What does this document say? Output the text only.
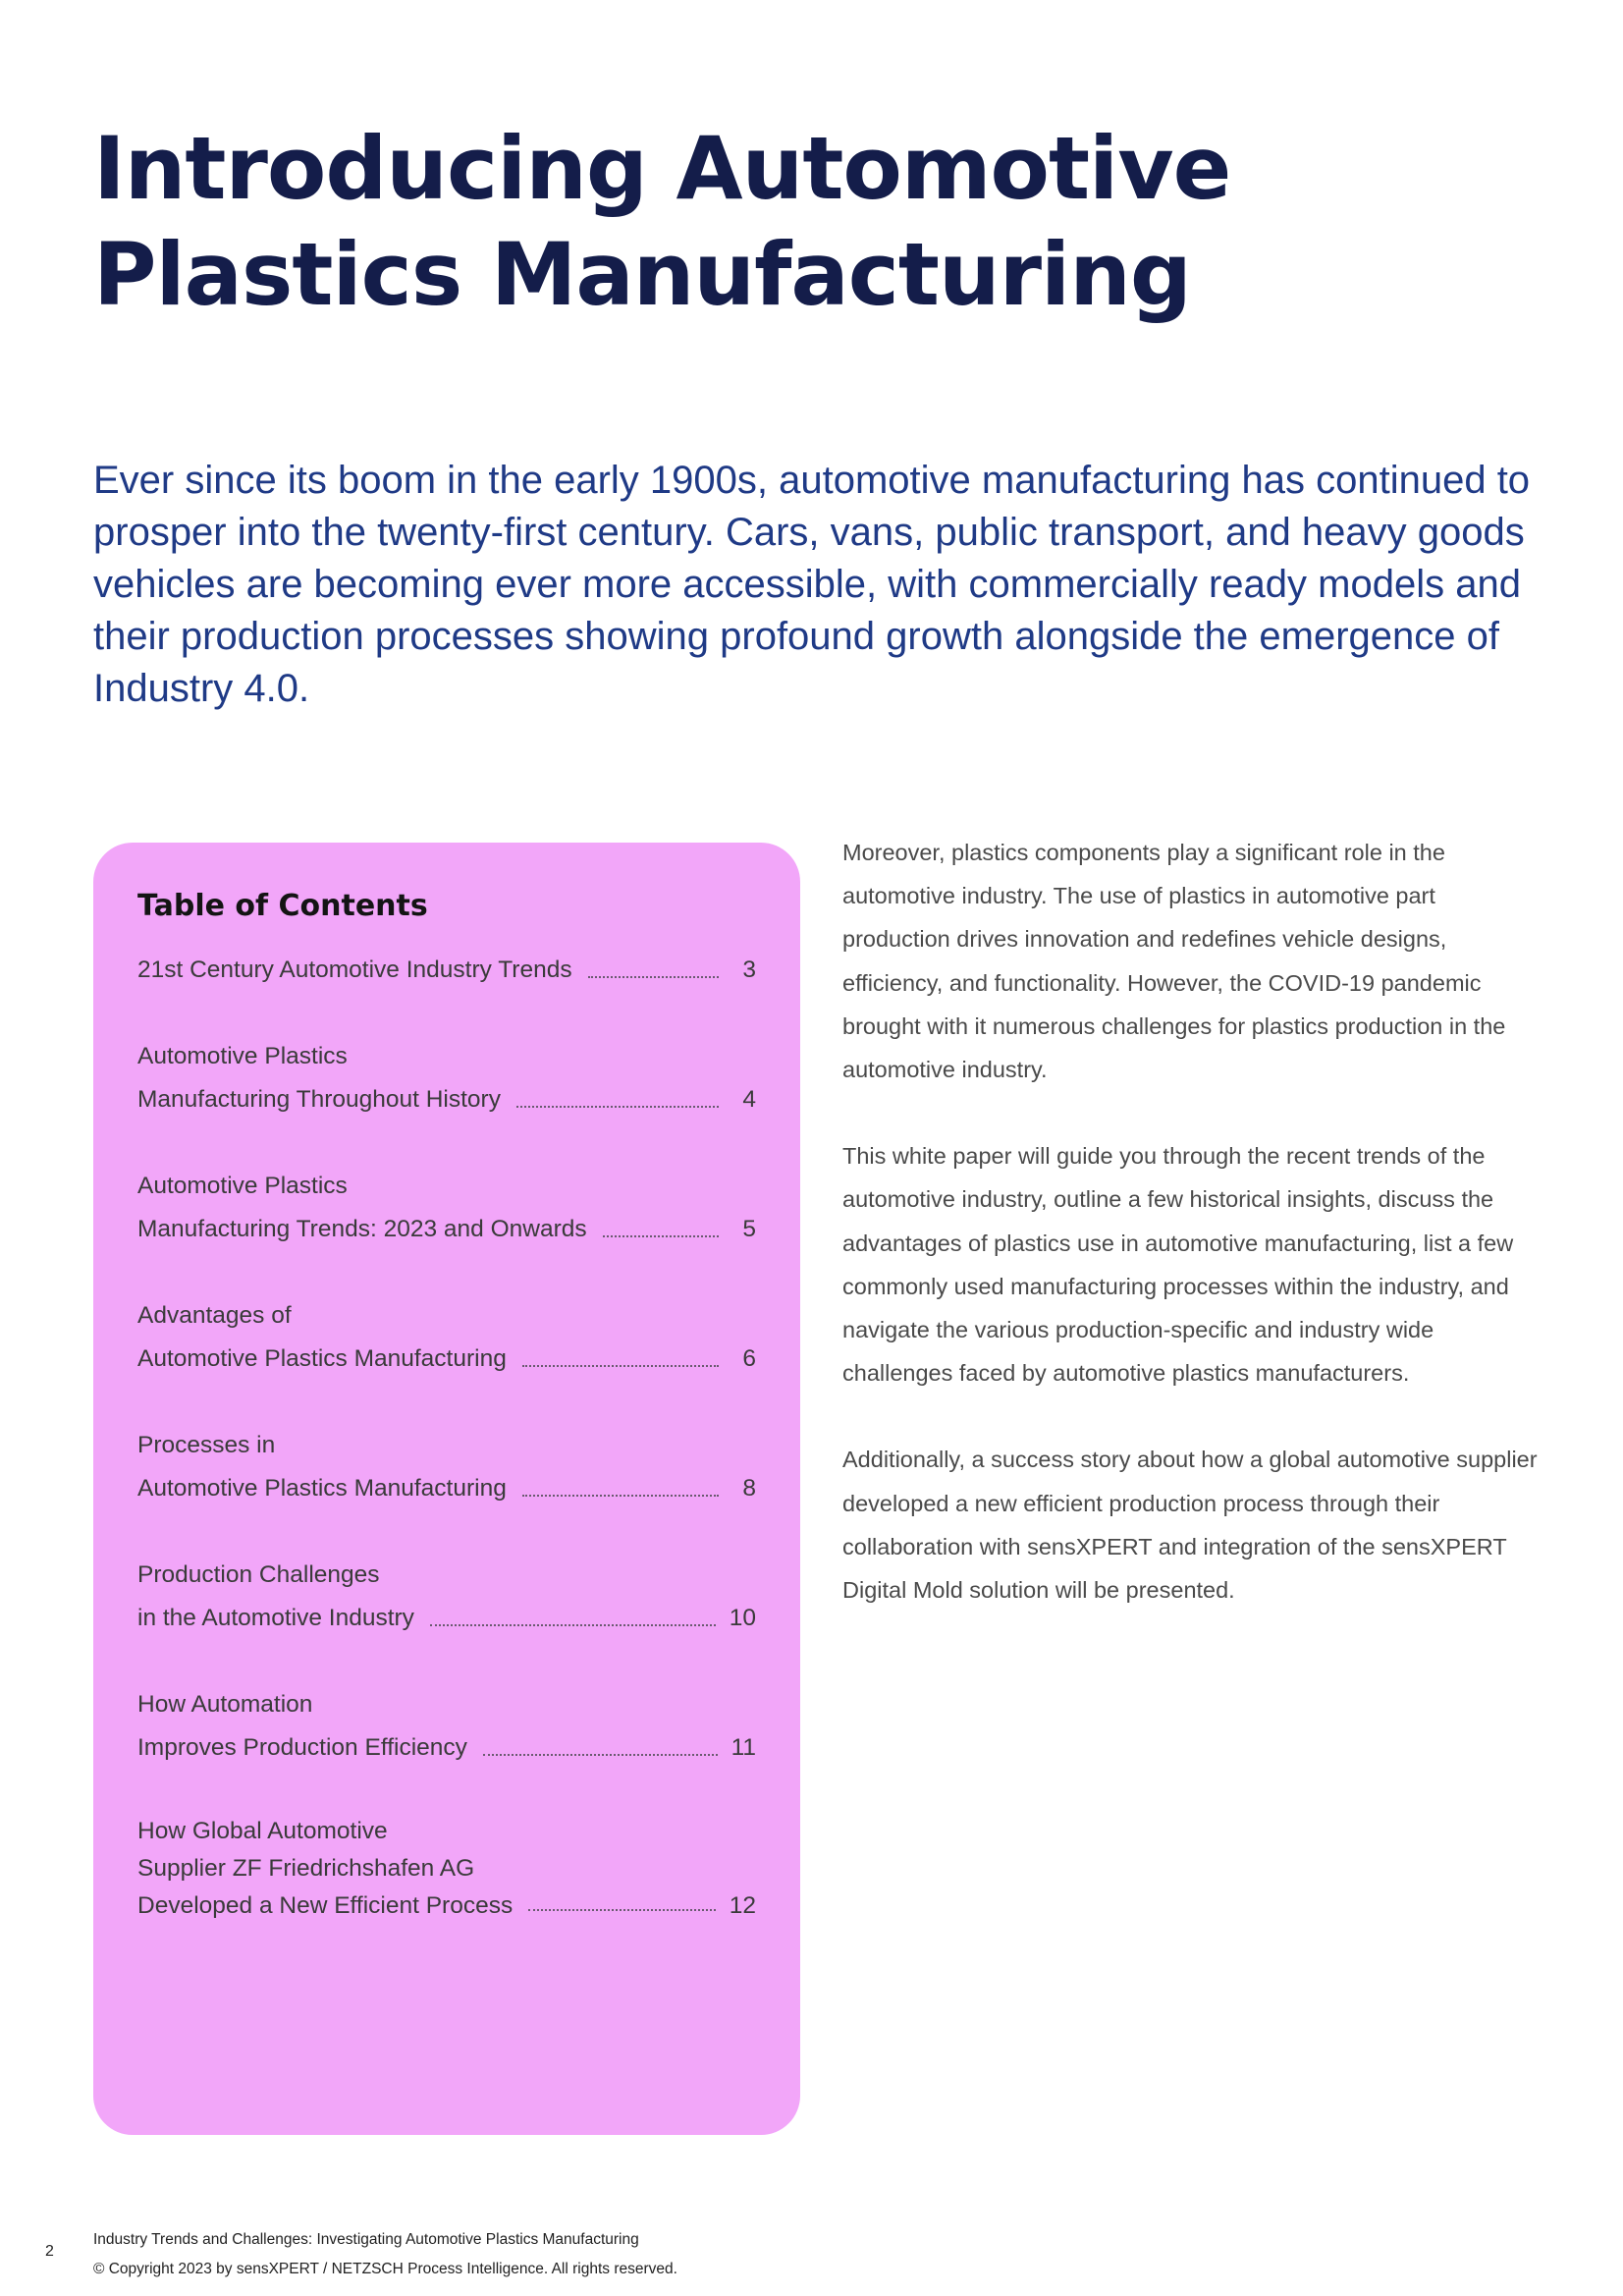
Introducing Automotive Plastics Manufacturing

Ever since its boom in the early 1900s, automotive manufacturing has continued to prosper into the twenty-first century. Cars, vans, public transport, and heavy goods vehicles are becoming ever more accessible, with commercially ready models and their production processes showing profound growth alongside the emergence of Industry 4.0.

Table of Contents
21st Century Automotive Industry Trends	3
Automotive Plastics
Manufacturing Throughout History	4
Automotive Plastics
Manufacturing Trends: 2023 and Onwards	5
Advantages of
Automotive Plastics Manufacturing	6
Processes in
Automotive Plastics Manufacturing	8
Production Challenges
in the Automotive Industry	10
How Automation
Improves Production Efficiency	11
How Global Automotive
Supplier ZF Friedrichshafen AG
Developed a New Efficient Process	12

Moreover, plastics components play a significant role in the automotive industry. The use of plastics in automotive part production drives innovation and redefines vehicle designs, efficiency, and functionality. However, the COVID-19 pandemic brought with it numerous challenges for plastics production in the automotive industry.

This white paper will guide you through the recent trends of the automotive industry, outline a few historical insights, discuss the advantages of plastics use in automotive manufacturing, list a few commonly used manufacturing processes within the industry, and navigate the various production-specific and industry wide challenges faced by automotive plastics manufacturers.

Additionally, a success story about how a global automotive supplier developed a new efficient production process through their collaboration with sensXPERT and integration of the sensXPERT Digital Mold solution will be presented.

2
Industry Trends and Challenges: Investigating Automotive Plastics Manufacturing
© Copyright 2023 by sensXPERT / NETZSCH Process Intelligence. All rights reserved.
